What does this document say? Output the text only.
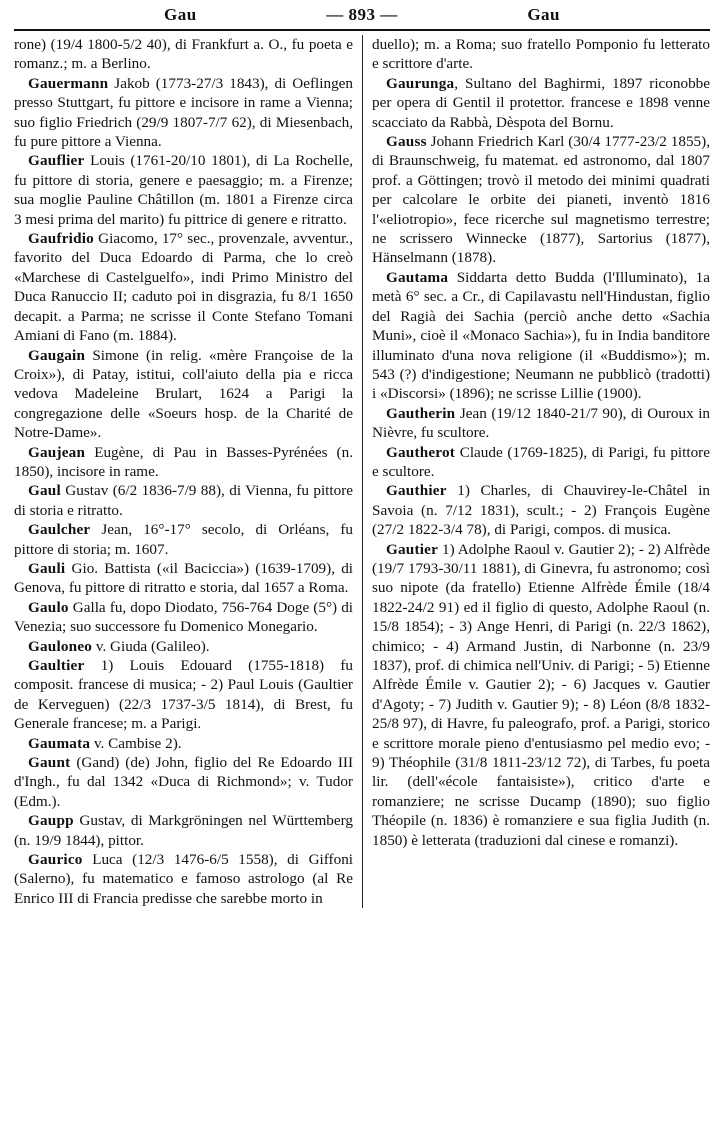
Gau	— 893 —	Gau

rone) (19/4 1800-5/2 40), di Frankfurt a. O., fu poeta e romanz.; m. a Berlino.

Gauermann Jakob (1773-27/3 1843), di Oeflingen presso Stuttgart, fu pittore e incisore in rame a Vienna; suo figlio Friedrich (29/9 1807-7/7 62), di Miesenbach, fu pure pittore a Vienna.

Gauflier Louis (1761-20/10 1801), di La Rochelle, fu pittore di storia, genere e paesaggio; m. a Firenze; sua moglie Pauline Châtillon (m. 1801 a Firenze circa 3 mesi prima del marito) fu pittrice di genere e ritratto.

Gaufridio Giacomo, 17° sec., provenzale, avventur., favorito del Duca Edoardo di Parma, che lo creò «Marchese di Castelguelfo», indi Primo Ministro del Duca Ranuccio II; caduto poi in disgrazia, fu 8/1 1650 decapit. a Parma; ne scrisse il Conte Stefano Tomani Amiani di Fano (m. 1884).

Gaugain Simone (in relig. «mère Françoise de la Croix»), di Patay, istitui, coll'aiuto della pia e ricca vedova Madeleine Brulart, 1624 a Parigi la congregazione delle «Soeurs hosp. de la Charité de Notre-Dame».

Gaujean Eugène, di Pau in Basses-Pyrénées (n. 1850), incisore in rame.

Gaul Gustav (6/2 1836-7/9 88), di Vienna, fu pittore di storia e ritratto.

Gaulcher Jean, 16°-17° secolo, di Orléans, fu pittore di storia; m. 1607.

Gauli Gio. Battista («il Baciccia») (1639-1709), di Genova, fu pittore di ritratto e storia, dal 1657 a Roma.

Gaulo Galla fu, dopo Diodato, 756-764 Doge (5°) di Venezia; suo successore fu Domenico Monegario.

Gauloneo v. Giuda (Galileo).

Gaultier 1) Louis Edouard (1755-1818) fu composit. francese di musica; - 2) Paul Louis (Gaultier de Kerveguen) (22/3 1737-3/5 1814), di Brest, fu Generale francese; m. a Parigi.

Gaumata v. Cambise 2).

Gaunt (Gand) (de) John, figlio del Re Edoardo III d'Ingh., fu dal 1342 «Duca di Richmond»; v. Tudor (Edm.).

Gaupp Gustav, di Markgröningen nel Württemberg (n. 19/9 1844), pittor.

Gaurico Luca (12/3 1476-6/5 1558), di Giffoni (Salerno), fu matematico e famoso astrologo (al Re Enrico III di Francia predisse che sarebbe morto in

duello); m. a Roma; suo fratello Pomponio fu letterato e scrittore d'arte.

Gaurunga, Sultano del Baghirmi, 1897 riconobbe per opera di Gentil il protettor. francese e 1898 venne scacciato da Rabbà, Dèspota del Bornu.

Gauss Johann Friedrich Karl (30/4 1777-23/2 1855), di Braunschweig, fu matemat. ed astronomo, dal 1807 prof. a Göttingen; trovò il metodo dei minimi quadrati per calcolare le orbite dei pianeti, inventò 1816 l'«eliotropio», fece ricerche sul magnetismo terrestre; ne scrissero Winnecke (1877), Sartorius (1877), Hänselmann (1878).

Gautama Siddarta detto Budda (l'Illuminato), 1a metà 6° sec. a Cr., di Capilavastu nell'Hindustan, figlio del Ragià dei Sachia (perciò anche detto «Sachia Muni», cioè il «Monaco Sachia»), fu in India banditore illuminato d'una nova religione (il «Buddismo»); m. 543 (?) d'indigestione; Neumann ne pubblicò (tradotti) i «Discorsi» (1896); ne scrisse Lillie (1900).

Gautherin Jean (19/12 1840-21/7 90), di Ouroux in Nièvre, fu scultore.

Gautherot Claude (1769-1825), di Parigi, fu pittore e scultore.

Gauthier 1) Charles, di Chauvirey-le-Châtel in Savoia (n. 7/12 1831), scult.; - 2) François Eugène (27/2 1822-3/4 78), di Parigi, compos. di musica.

Gautier 1) Adolphe Raoul v. Gautier 2); - 2) Alfrède (19/7 1793-30/11 1881), di Ginevra, fu astronomo; così suo nipote (da fratello) Etienne Alfrède Émile (18/4 1822-24/2 91) ed il figlio di questo, Adolphe Raoul (n. 15/8 1854); - 3) Ange Henri, di Parigi (n. 22/3 1862), chimico; - 4) Armand Justin, di Narbonne (n. 23/9 1837), prof. di chimica nell'Univ. di Parigi; - 5) Etienne Alfrède Émile v. Gautier 2); - 6) Jacques v. Gautier d'Agoty; - 7) Judith v. Gautier 9); - 8) Léon (8/8 1832-25/8 97), di Havre, fu paleografo, prof. a Parigi, storico e scrittore morale pieno d'entusiasmo pel medio evo; - 9) Théophile (31/8 1811-23/12 72), di Tarbes, fu poeta lir. (dell'«école fantaisiste»), critico d'arte e romanziere; ne scrisse Ducamp (1890); suo figlio Théopile (n. 1836) è romanziere e sua figlia Judith (n. 1850) è letterata (traduzioni dal cinese e romanzi).
